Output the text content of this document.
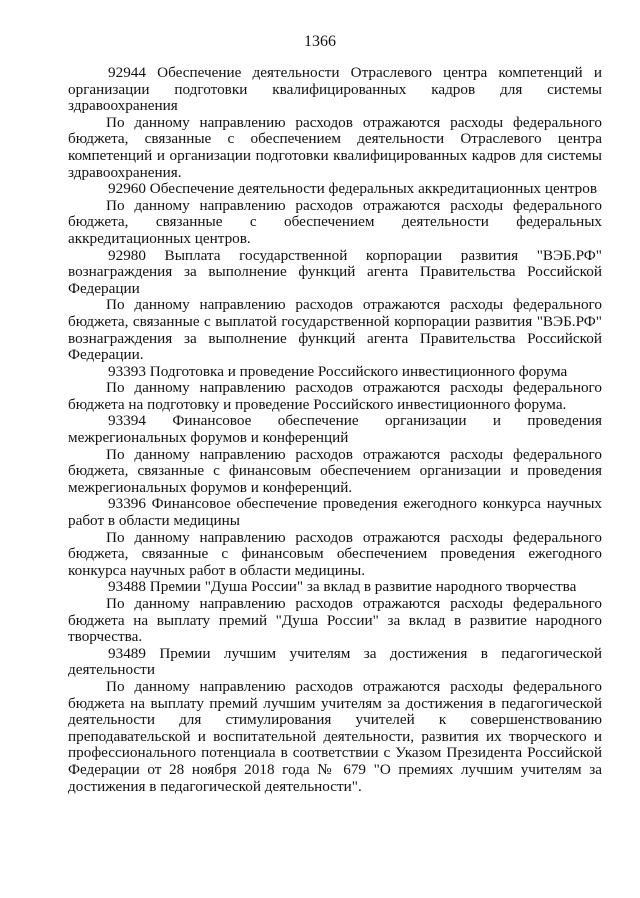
1366

92944 Обеспечение деятельности Отраслевого центра компетенций и организации подготовки квалифицированных кадров для системы здравоохранения

По данному направлению расходов отражаются расходы федерального бюджета, связанные с обеспечением деятельности Отраслевого центра компетенций и организации подготовки квалифицированных кадров для системы здравоохранения.

92960 Обеспечение деятельности федеральных аккредитационных центров

По данному направлению расходов отражаются расходы федерального бюджета, связанные с обеспечением деятельности федеральных аккредитационных центров.

92980 Выплата государственной корпорации развития "ВЭБ.РФ" вознаграждения за выполнение функций агента Правительства Российской Федерации

По данному направлению расходов отражаются расходы федерального бюджета, связанные с выплатой государственной корпорации развития "ВЭБ.РФ" вознаграждения за выполнение функций агента Правительства Российской Федерации.

93393 Подготовка и проведение Российского инвестиционного форума

По данному направлению расходов отражаются расходы федерального бюджета на подготовку и проведение Российского инвестиционного форума.

93394 Финансовое обеспечение организации и проведения межрегиональных форумов и конференций

По данному направлению расходов отражаются расходы федерального бюджета, связанные с финансовым обеспечением организации и проведения межрегиональных форумов и конференций.

93396 Финансовое обеспечение проведения ежегодного конкурса научных работ в области медицины

По данному направлению расходов отражаются расходы федерального бюджета, связанные с финансовым обеспечением проведения ежегодного конкурса научных работ в области медицины.

93488 Премии "Душа России" за вклад в развитие народного творчества

По данному направлению расходов отражаются расходы федерального бюджета на выплату премий "Душа России" за вклад в развитие народного творчества.

93489 Премии лучшим учителям за достижения в педагогической деятельности

По данному направлению расходов отражаются расходы федерального бюджета на выплату премий лучшим учителям за достижения в педагогической деятельности для стимулирования учителей к совершенствованию преподавательской и воспитательной деятельности, развития их творческого и профессионального потенциала в соответствии с Указом Президента Российской Федерации от 28 ноября 2018 года № 679 "О премиях лучшим учителям за достижения в педагогической деятельности".
